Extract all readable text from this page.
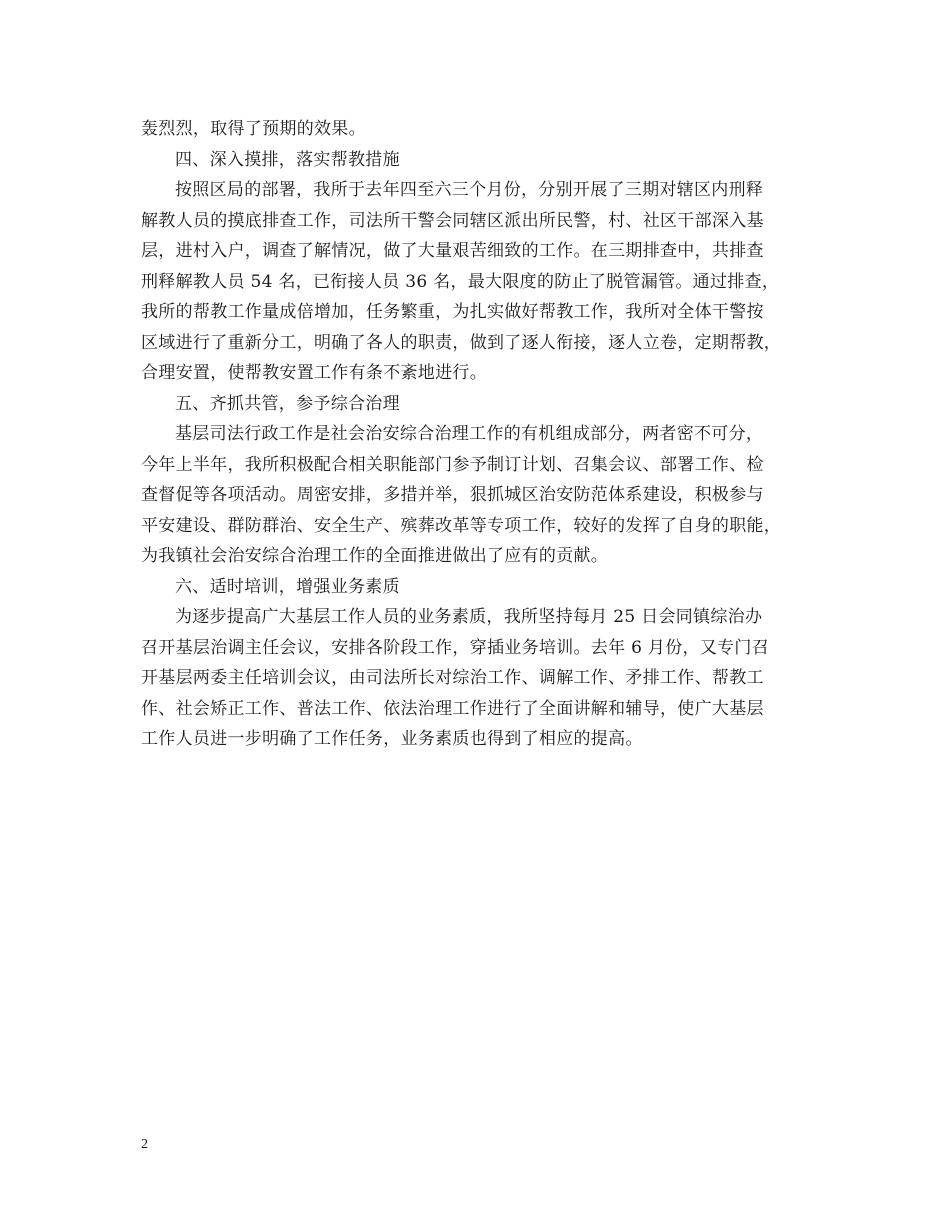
轰烈烈，取得了预期的效果。
四、深入摸排，落实帮教措施
按照区局的部署，我所于去年四至六三个月份，分别开展了三期对辖区内刑释
解教人员的摸底排查工作，司法所干警会同辖区派出所民警，村、社区干部深入基
层，进村入户，调查了解情况，做了大量艰苦细致的工作。在三期排查中，共排查
刑释解教人员 54 名，已衔接人员 36 名，最大限度的防止了脱管漏管。通过排查，
我所的帮教工作量成倍增加，任务繁重，为扎实做好帮教工作，我所对全体干警按
区域进行了重新分工，明确了各人的职责，做到了逐人衔接，逐人立卷，定期帮教，
合理安置，使帮教安置工作有条不紊地进行。
五、齐抓共管，参予综合治理
基层司法行政工作是社会治安综合治理工作的有机组成部分，两者密不可分，
今年上半年，我所积极配合相关职能部门参予制订计划、召集会议、部署工作、检
查督促等各项活动。周密安排，多措并举，狠抓城区治安防范体系建设，积极参与
平安建设、群防群治、安全生产、殡葬改革等专项工作，较好的发挥了自身的职能，
为我镇社会治安综合治理工作的全面推进做出了应有的贡献。
六、适时培训，增强业务素质
为逐步提高广大基层工作人员的业务素质，我所坚持每月 25 日会同镇综治办
召开基层治调主任会议，安排各阶段工作，穿插业务培训。去年 6 月份，又专门召
开基层两委主任培训会议，由司法所长对综治工作、调解工作、矛排工作、帮教工
作、社会矫正工作、普法工作、依法治理工作进行了全面讲解和辅导，使广大基层
工作人员进一步明确了工作任务，业务素质也得到了相应的提高。
2
